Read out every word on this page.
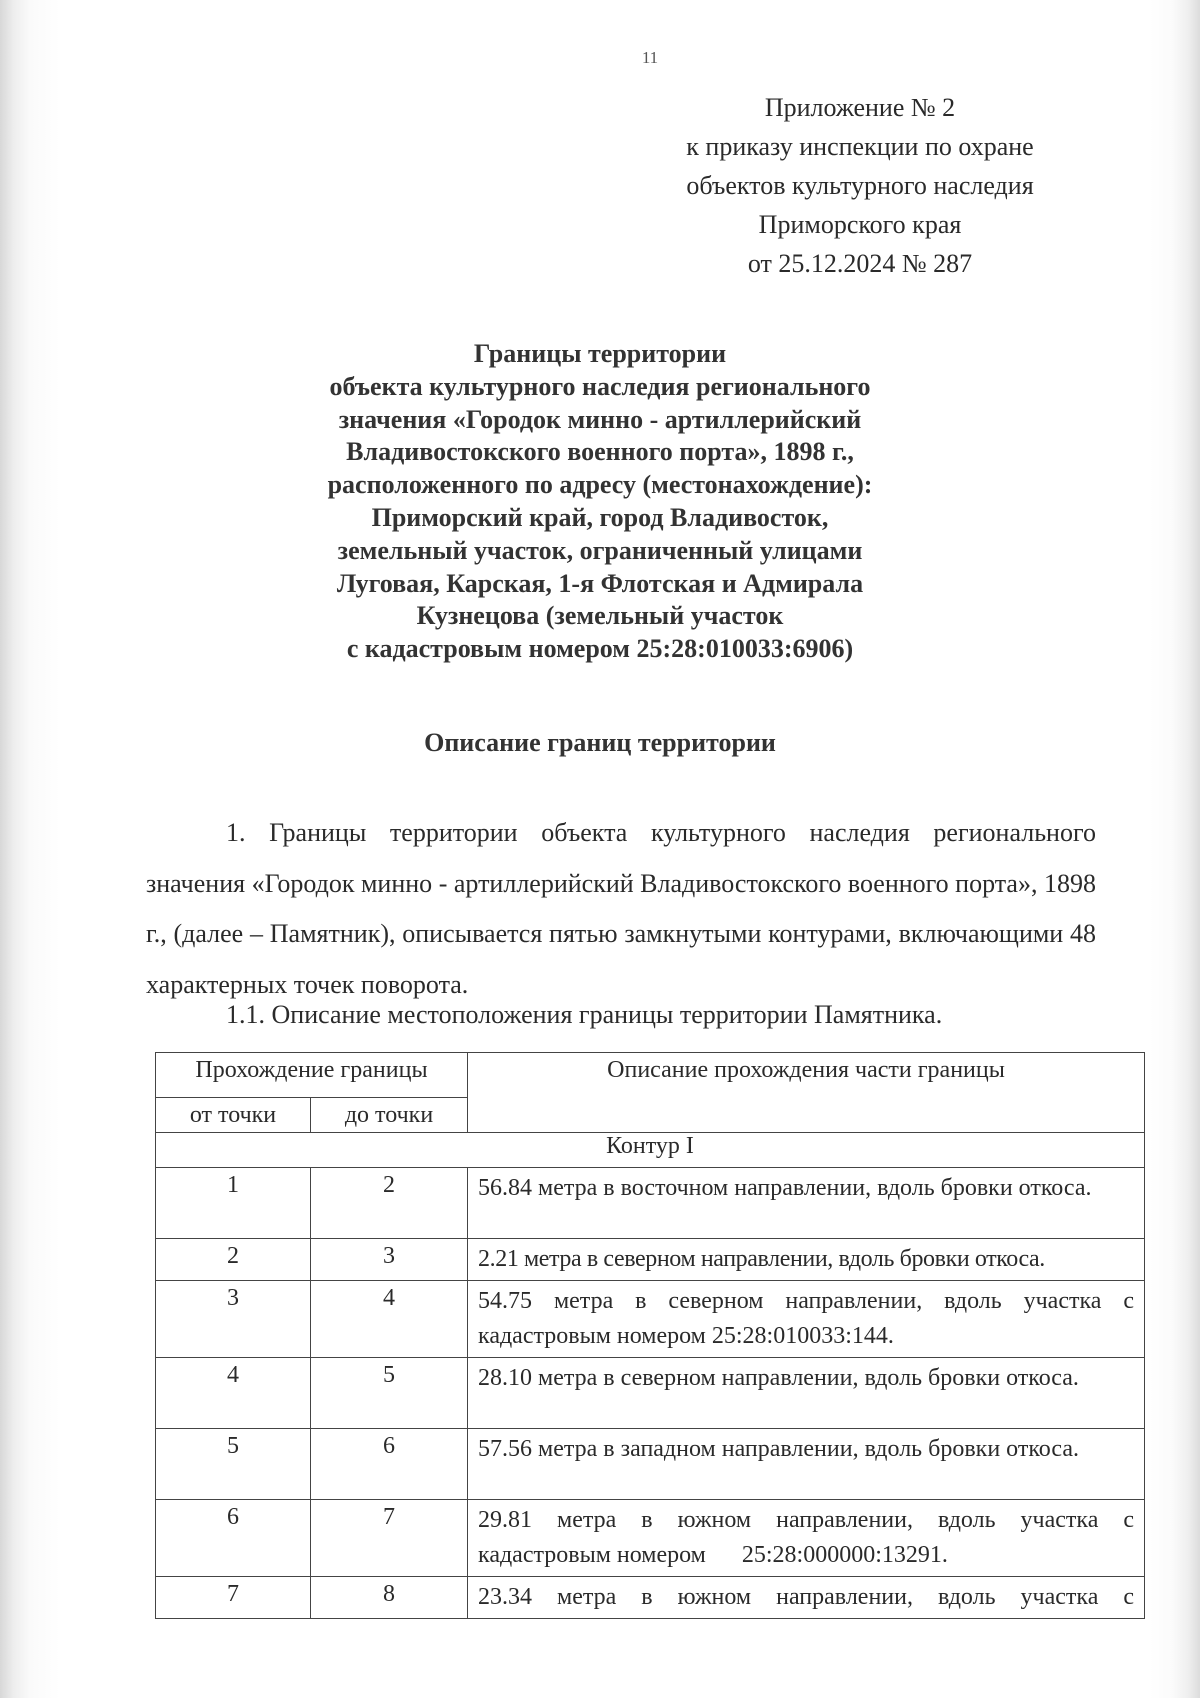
11
Приложение № 2
к приказу инспекции по охране
объектов культурного наследия
Приморского края
от 25.12.2024 № 287
Границы территории
объекта культурного наследия регионального
значения «Городок минно - артиллерийский
Владивостокского военного порта», 1898 г.,
расположенного по адресу (местонахождение):
Приморский край, город Владивосток,
земельный участок, ограниченный улицами
Луговая, Карская, 1-я Флотская и Адмирала
Кузнецова (земельный участок
с кадастровым номером 25:28:010033:6906)
Описание границ территории
1. Границы территории объекта культурного наследия регионального значения «Городок минно - артиллерийский Владивостокского военного порта», 1898 г., (далее – Памятник), описывается пятью замкнутыми контурами, включающими 48 характерных точек поворота.
1.1. Описание местоположения границы территории Памятника.
Прохождение границы		Описание прохождения части границы
от точки	до точки	
Контур I		
1	2	56.84 метра в восточном направлении, вдоль бровки откоса.
2	3	2.21 метра в северном направлении, вдоль бровки откоса.
3	4	54.75 метра в северном направлении, вдоль участка с кадастровым номером 25:28:010033:144.
4	5	28.10 метра в северном направлении, вдоль бровки откоса.
5	6	57.56 метра в западном направлении, вдоль бровки откоса.
6	7	29.81 метра в южном направлении, вдоль участка с кадастровым номером      25:28:000000:13291.
7	8	23.34 метра в южном направлении, вдоль участка с
